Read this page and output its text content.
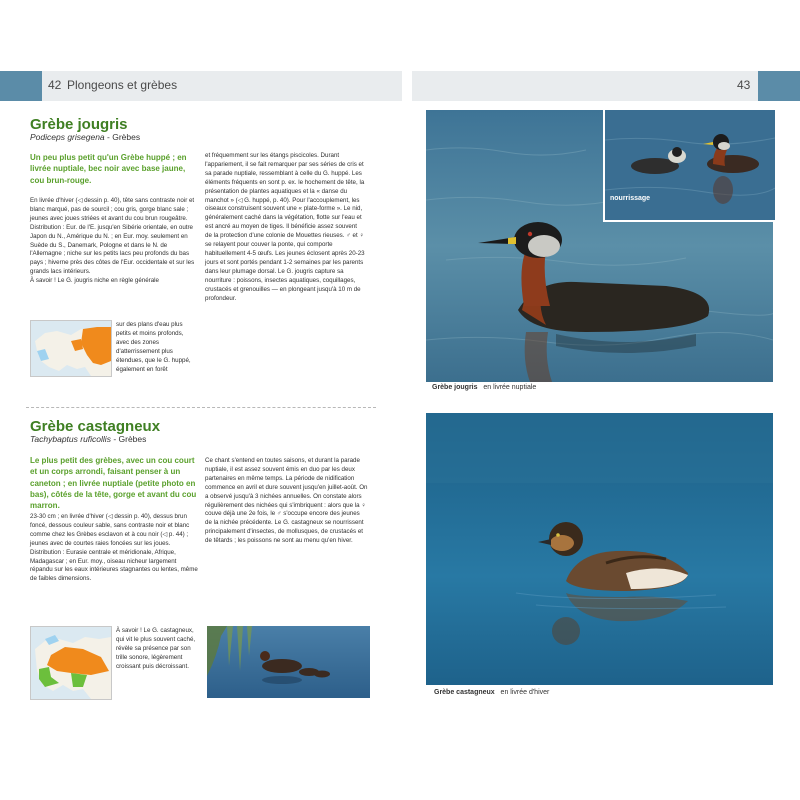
42 Plongeons et grèbes	43
Grèbe jougris
Podiceps grisegena - Grèbes
Un peu plus petit qu'un Grèbe huppé ; en livrée nuptiale, bec noir avec base jaune, cou brun-rouge.
En livrée d'hiver (◁ dessin p. 40), tête sans contraste noir et blanc marqué, pas de sourcil ; cou gris, gorge blanc sale ; jeunes avec joues striées et avant du cou brun rougeâtre.
Distribution : Eur. de l'E. jusqu'en Sibérie orientale, en outre Japon du N., Amérique du N. ; en Eur. moy. seulement en Suède du S., Danemark, Pologne et dans le N. de l'Allemagne ; niche sur les petits lacs peu profonds du bas pays ; hiverne près des côtes de l'Eur. occidentale et sur les grands lacs intérieurs.
À savoir ! Le G. jougris niche en règle générale
sur des plans d'eau plus petits et moins profonds, avec des zones d'atterrissement plus étendues, que le G. huppé, également en forêt
et fréquemment sur les étangs piscicoles. Durant l'appariement, il se fait remarquer par ses séries de cris et sa parade nuptiale, ressemblant à celle du G. huppé. Les éléments fréquents en sont p. ex. le hochement de tête, la présentation de plantes aquatiques et la « danse du manchot » (◁ G. huppé, p. 40). Pour l'accouplement, les oiseaux construisent souvent une « plate-forme ». Le nid, généralement caché dans la végétation, flotte sur l'eau et est ancré au moyen de tiges. Il bénéficie assez souvent de la protection d'une colonie de Mouettes rieuses. ♂ et ♀ se relayent pour couver la ponte, qui comporte habituellement 4-5 œufs. Les jeunes éclosent après 20-23 jours et sont portés pendant 1-2 semaines par les parents dans leur plumage dorsal. Le G. jougris capture sa nourriture : poissons, insectes aquatiques, coquillages, crustacés et grenouilles — en plongeant jusqu'à 10 m de profondeur.
Grèbe castagneux
Tachybaptus ruficollis - Grèbes
Le plus petit des grèbes, avec un cou court et un corps arrondi, faisant penser à un caneton ; en livrée nuptiale (petite photo en bas), côtés de la tête, gorge et avant du cou marron.
23-30 cm ; en livrée d'hiver (◁ dessin p. 40), dessus brun foncé, dessous couleur sable, sans contraste noir et blanc comme chez les Grèbes esclavon et à cou noir (◁ p. 44) ; jeunes avec de courtes raies foncées sur les joues.
Distribution : Eurasie centrale et méridionale, Afrique, Madagascar ; en Eur. moy., oiseau nicheur largement répandu sur les eaux intérieures stagnantes ou lentes, même de faibles dimensions.
À savoir ! Le G. castagneux, qui vit le plus souvent caché, révèle sa présence par son trille sonore, légèrement croissant puis décroissant.
Ce chant s'entend en toutes saisons, et durant la parade nuptiale, il est assez souvent émis en duo par les deux partenaires en même temps. La période de nidification commence en avril et dure souvent jusqu'en juillet-août. On a observé jusqu'à 3 nichées annuelles. On constate alors régulièrement des nichées qui s'imbriquent : alors que la ♀ couve déjà une 2e fois, le ♂ s'occupe encore des jeunes de la nichée précédente. Le G. castagneux se nourrissent principalement d'insectes, de mollusques, de crustacés et de têtards ; les poissons ne sont au menu qu'en hiver.
nourrissage
Grèbe jougris en livrée nuptiale
Grèbe castagneux en livrée d'hiver
